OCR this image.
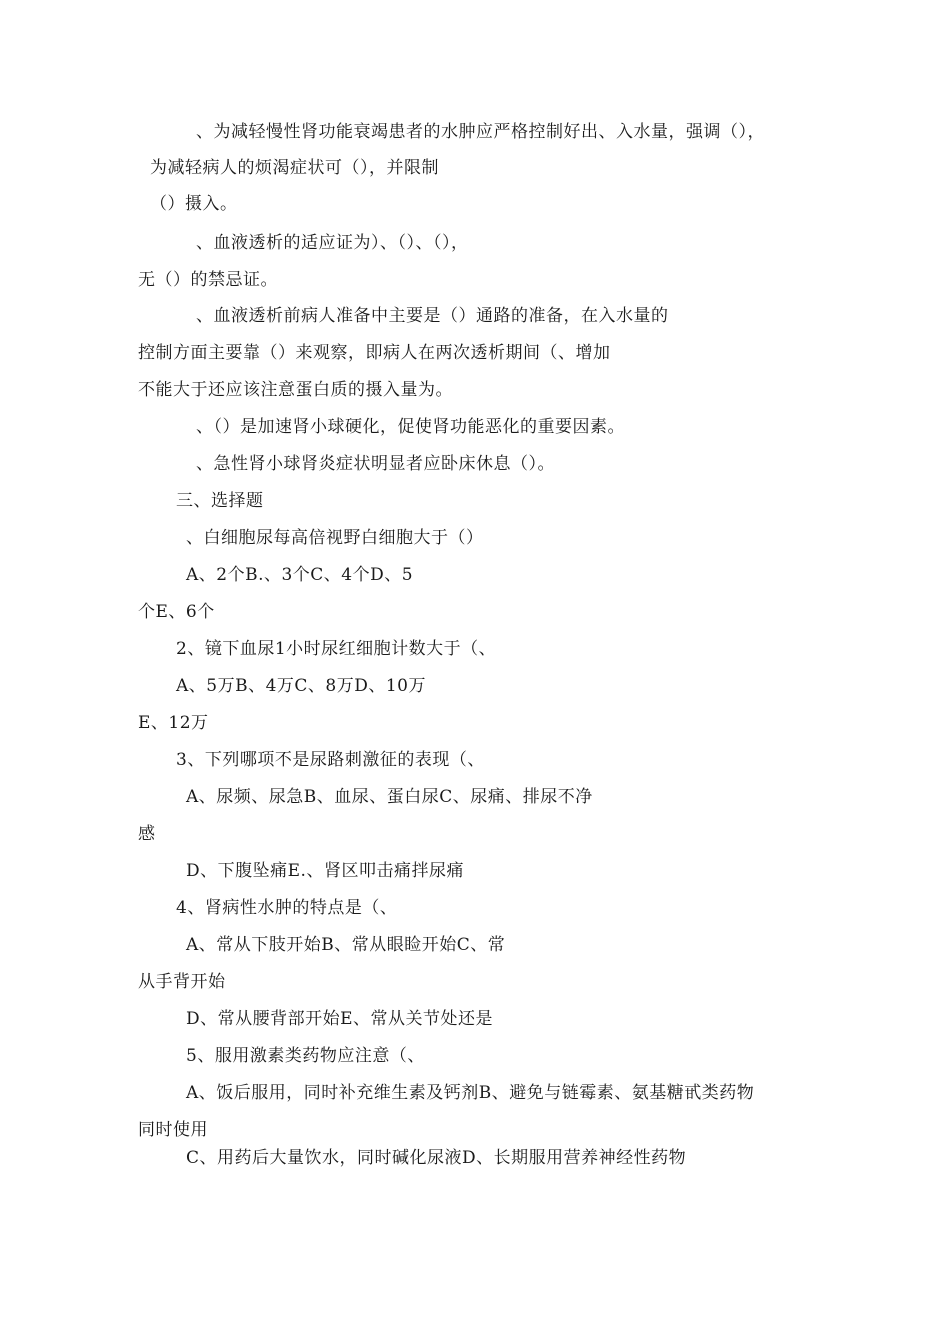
、为减轻慢性肾功能衰竭患者的水肿应严格控制好出、入水量，强调（），
为减轻病人的烦渴症状可（），并限制
（）摄入。
、血液透析的适应证为）、（）、（），
无（）的禁忌证。
、血液透析前病人准备中主要是（）通路的准备，在入水量的
控制方面主要靠（）来观察，即病人在两次透析期间（、增加
不能大于还应该注意蛋白质的摄入量为。
、（）是加速肾小球硬化，促使肾功能恶化的重要因素。
、急性肾小球肾炎症状明显者应卧床休息（）。
三、选择题
、白细胞尿每高倍视野白细胞大于（）
A、2个B.、3个C、4个D、5
个E、6个
2、镜下血尿1小时尿红细胞计数大于（、
A、5万B、4万C、8万D、10万
E、12万
3、下列哪项不是尿路刺激征的表现（、
A、尿频、尿急B、血尿、蛋白尿C、尿痛、排尿不净
感
D、下腹坠痛E.、肾区叩击痛拌尿痛
4、肾病性水肿的特点是（、
A、常从下肢开始B、常从眼睑开始C、常
从手背开始
D、常从腰背部开始E、常从关节处还是
5、服用激素类药物应注意（、
A、饭后服用，同时补充维生素及钙剂B、避免与链霉素、氨基糖甙类药物
同时使用
C、用药后大量饮水，同时碱化尿液D、长期服用营养神经性药物
